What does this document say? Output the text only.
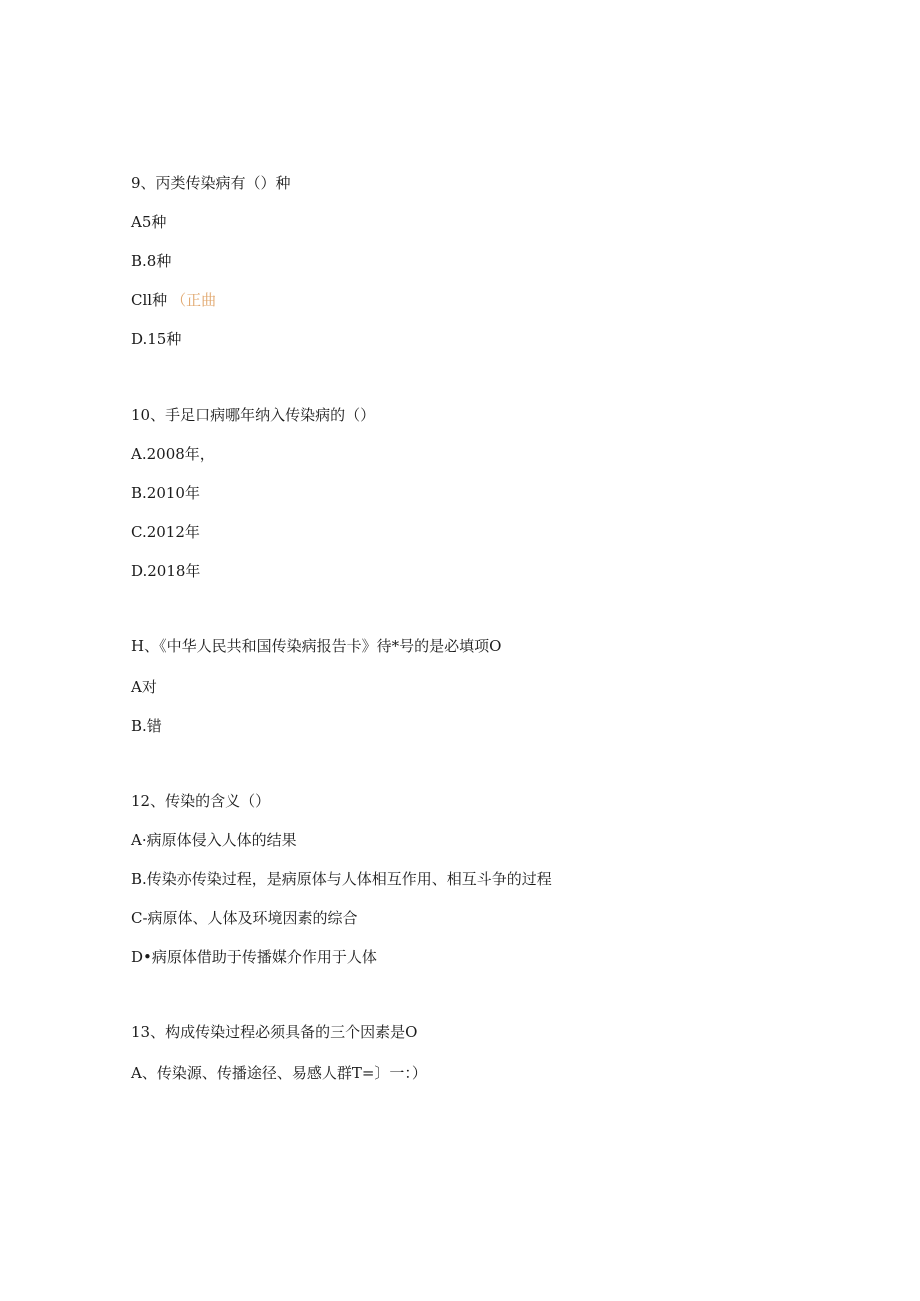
9、丙类传染病有（）种
A5种
B.8种
Cll种 （正曲
D.15种
10、手足口病哪年纳入传染病的（）
A.2008年，
B.2010年
C.2012年
D.2018年
H、《中华人民共和国传染病报告卡》待*号的是必填项O
A对
B.错
12、传染的含义（）
A·病原体侵入人体的结果
B.传染亦传染过程，是病原体与人体相互作用、相互斗争的过程
C-病原体、人体及环境因素的综合
D•病原体借助于传播媒介作用于人体
13、构成传染过程必须具备的三个因素是O
A、传染源、传播途径、易感人群T=〕一：）
